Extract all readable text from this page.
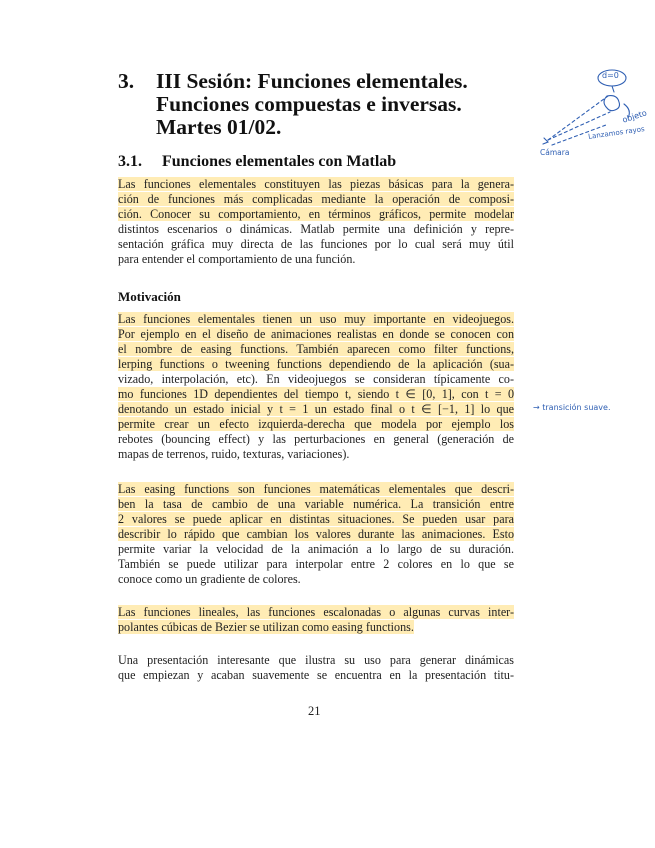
3. III Sesión: Funciones elementales. Funciones compuestas e inversas. Martes 01/02.
3.1. Funciones elementales con Matlab
Las funciones elementales constituyen las piezas básicas para la genera-
ción de funciones más complicadas mediante la operación de composi-
ción. Conocer su comportamiento, en términos gráficos, permite modelar
distintos escenarios o dinámicas. Matlab permite una definición y repre-
sentación gráfica muy directa de las funciones por lo cual será muy útil
para entender el comportamiento de una función.
Motivación
Las funciones elementales tienen un uso muy importante en videojuegos.
Por ejemplo en el diseño de animaciones realistas en donde se conocen con
el nombre de easing functions. También aparecen como filter functions,
lerping functions o tweening functions dependiendo de la aplicación (sua-
vizado, interpolación, etc). En videojuegos se consideran típicamente co-
mo funciones 1D dependientes del tiempo t, siendo t ∈ [0, 1], con t = 0
denotando un estado inicial y t = 1 un estado final o t ∈ [−1, 1] lo que
permite crear un efecto izquierda-derecha que modela por ejemplo los
rebotes (bouncing effect) y las perturbaciones en general (generación de
mapas de terrenos, ruido, texturas, variaciones).
Las easing functions son funciones matemáticas elementales que descri-
ben la tasa de cambio de una variable numérica. La transición entre
2 valores se puede aplicar en distintas situaciones. Se pueden usar para
describir lo rápido que cambian los valores durante las animaciones. Esto
permite variar la velocidad de la animación a lo largo de su duración.
También se puede utilizar para interpolar entre 2 colores en lo que se
conoce como un gradiente de colores.
Las funciones lineales, las funciones escalonadas o algunas curvas inter-
polantes cúbicas de Bezier se utilizan como easing functions.
Una presentación interesante que ilustra su uso para generar dinámicas
que empiezan y acaban suavemente se encuentra en la presentación titu-
21
d=0
objeto
Lanzamos rayos
Cámara
→ transición suave.
